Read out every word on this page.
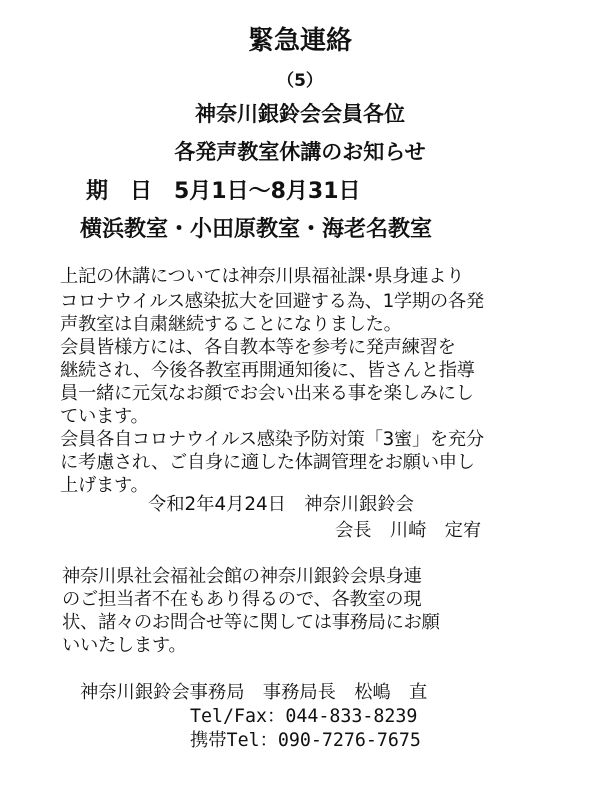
緊急連絡
（5）
神奈川銀鈴会会員各位
各発声教室休講のお知らせ
期　日　5月1日～8月31日
横浜教室・小田原教室・海老名教室
上記の休講については神奈川県福祉課･県身連より
コロナウイルス感染拡大を回避する為、1学期の各発
声教室は自粛継続することになりました。
会員皆様方には、各自教本等を参考に発声練習を
継続され、今後各教室再開通知後に、皆さんと指導
員一緒に元気なお顔でお会い出来る事を楽しみにし
ています。
会員各自コロナウイルス感染予防対策「3蜜」を充分
に考慮され、ご自身に適した体調管理をお願い申し
上げます。
令和2年4月24日　神奈川銀鈴会
会長　川崎　定宥
神奈川県社会福祉会館の神奈川銀鈴会県身連
のご担当者不在もあり得るので、各教室の現
状、諸々のお問合せ等に関しては事務局にお願
いいたします。
神奈川銀鈴会事務局　事務局長　松嶋　直
Tel/Fax：044-833-8239
携帯Tel：090-7276-7675
